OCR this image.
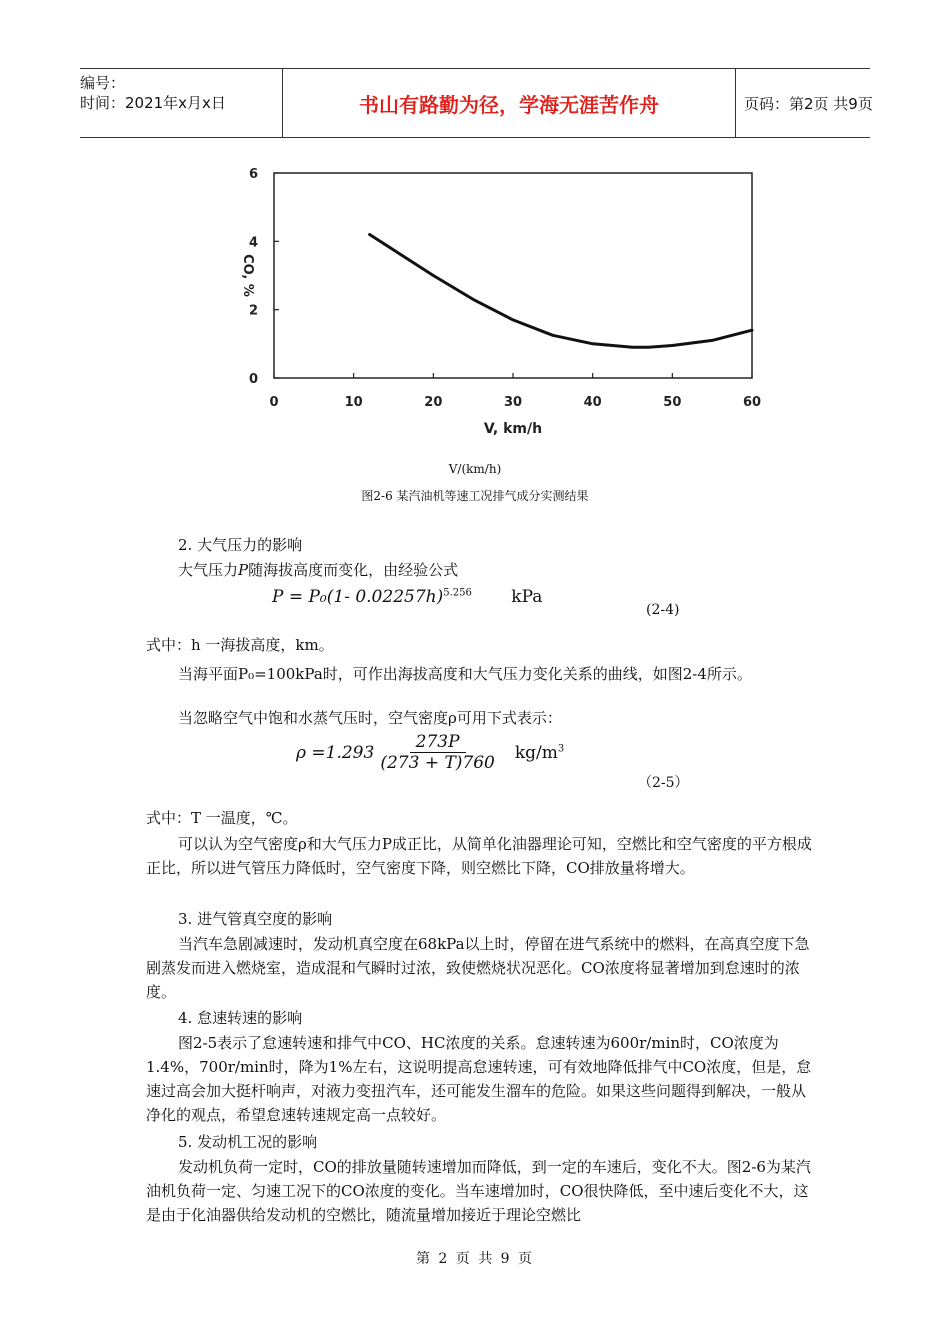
编号：
时间：2021年x月x日	书山有路勤为径，学海无涯苦作舟	页码：第2页 共9页
0	10	20	30	40	50	60
0
2
4
6
V, km/h
CO, %
V/(km/h)
图2-6 某汽油机等速工况排气成分实测结果
2. 大气压力的影响
大气压力P随海拔高度而变化，由经验公式
P = P₀(1- 0.02257h)$^{5.256}$ kPa
(2-4)
式中：h 一海拔高度，km。
当海平面P₀=100kPa时，可作出海拔高度和大气压力变化关系的曲线，如图2-4所示。
当忽略空气中饱和水蒸气压时，空气密度ρ可用下式表示：
$\rho =1.293 \frac{273P}{(273 + T)760} kg/m^3$
（2-5）
式中：T 一温度，℃。
可以认为空气密度ρ和大气压力P成正比，从简单化油器理论可知，空燃比和空气密度的平方根成正比，所以进气管压力降低时，空气密度下降，则空燃比下降，CO排放量将增大。
3. 进气管真空度的影响
当汽车急剧减速时，发动机真空度在68kPa以上时，停留在进气系统中的燃料，在高真空度下急剧蒸发而进入燃烧室，造成混和气瞬时过浓，致使燃烧状况恶化。CO浓度将显著增加到怠速时的浓度。
4. 怠速转速的影响
图2-5表示了怠速转速和排气中CO、HC浓度的关系。怠速转速为600r/min时，CO浓度为1.4%，700r/min时，降为1%左右，这说明提高怠速转速，可有效地降低排气中CO浓度，但是，怠速过高会加大挺杆响声，对液力变扭汽车，还可能发生溜车的危险。如果这些问题得到解决，一般从净化的观点，希望怠速转速规定高一点较好。
5. 发动机工况的影响
发动机负荷一定时，CO的排放量随转速增加而降低，到一定的车速后，变化不大。图2-6为某汽油机负荷一定、匀速工况下的CO浓度的变化。当车速增加时，CO很快降低，至中速后变化不大，这是由于化油器供给发动机的空燃比，随流量增加接近于理论空燃比
第 2 页 共 9 页
